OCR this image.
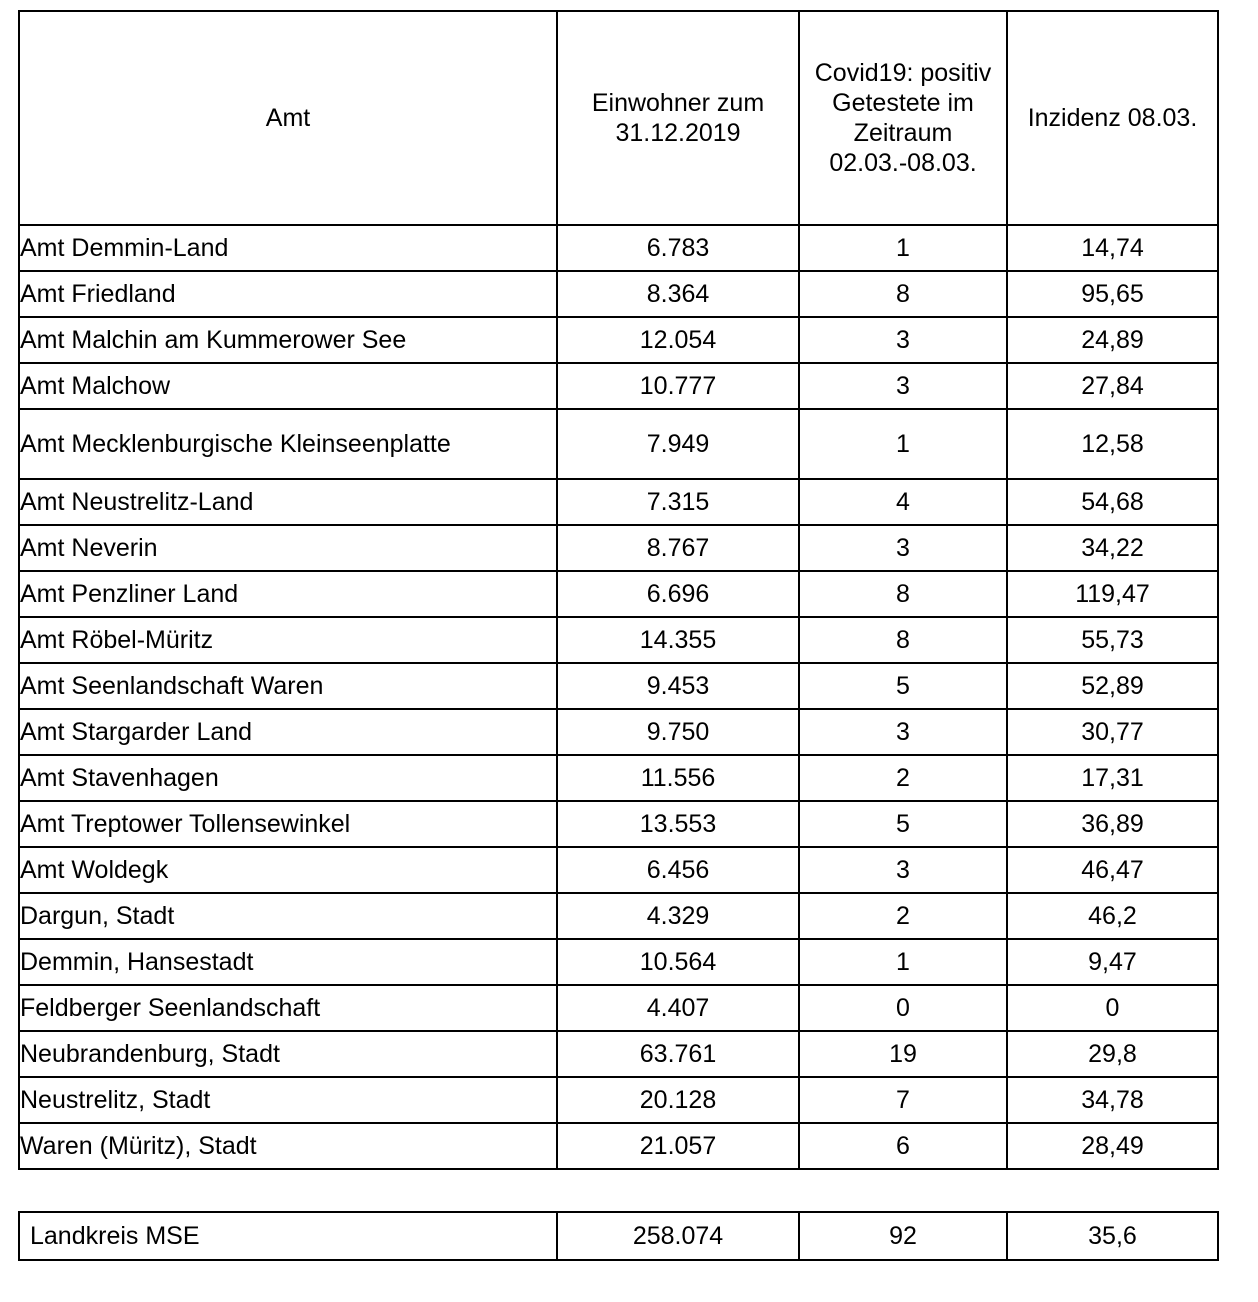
Amt	Einwohner zum 31.12.2019	Covid19: positiv Getestete im Zeitraum 02.03.-08.03.	Inzidenz 08.03.
Amt Demmin-Land	6.783	1	14,74
Amt Friedland	8.364	8	95,65
Amt Malchin am Kummerower See	12.054	3	24,89
Amt Malchow	10.777	3	27,84
Amt Mecklenburgische Kleinseenplatte	7.949	1	12,58
Amt Neustrelitz-Land	7.315	4	54,68
Amt Neverin	8.767	3	34,22
Amt Penzliner Land	6.696	8	119,47
Amt Röbel-Müritz	14.355	8	55,73
Amt Seenlandschaft Waren	9.453	5	52,89
Amt Stargarder Land	9.750	3	30,77
Amt Stavenhagen	11.556	2	17,31
Amt Treptower Tollensewinkel	13.553	5	36,89
Amt Woldegk	6.456	3	46,47
Dargun, Stadt	4.329	2	46,2
Demmin, Hansestadt	10.564	1	9,47
Feldberger Seenlandschaft	4.407	0	0
Neubrandenburg, Stadt	63.761	19	29,8
Neustrelitz, Stadt	20.128	7	34,78
Waren (Müritz), Stadt	21.057	6	28,49
Landkreis MSE	258.074	92	35,6
